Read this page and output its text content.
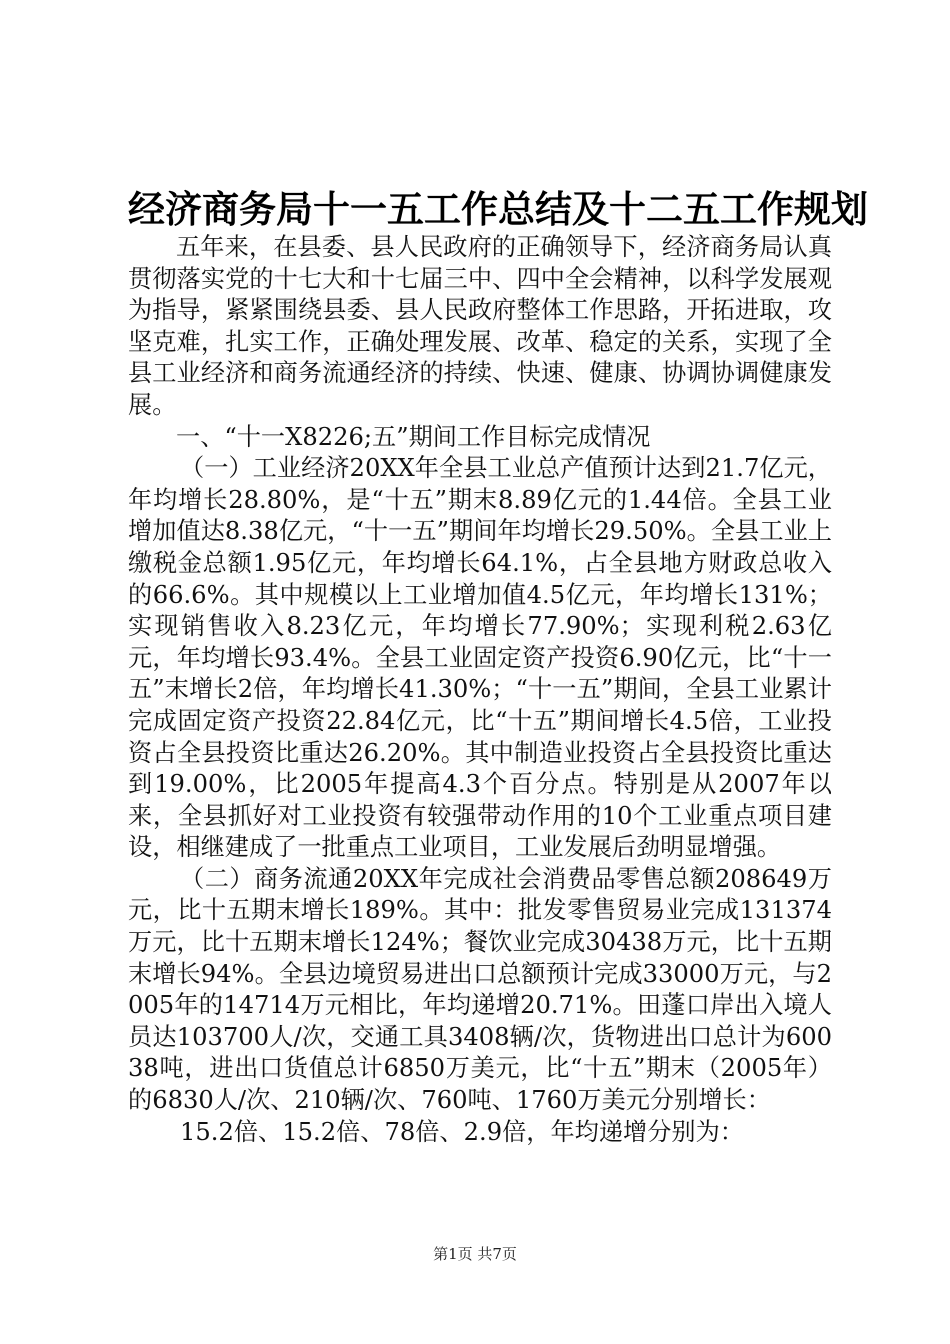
经济商务局十一五工作总结及十二五工作规划

五年来，在县委、县人民政府的正确领导下，经济商务局认真贯彻落实党的十七大和十七届三中、四中全会精神，以科学发展观为指导，紧紧围绕县委、县人民政府整体工作思路，开拓进取，攻坚克难，扎实工作，正确处理发展、改革、稳定的关系，实现了全县工业经济和商务流通经济的持续、快速、健康、协调协调健康发展。

一、“十一X8226;五”期间工作目标完成情况

（一）工业经济20XX年全县工业总产值预计达到21.7亿元，年均增长28.80%，是“十五”期末8.89亿元的1.44倍。全县工业增加值达8.38亿元，“十一五”期间年均增长29.50%。全县工业上缴税金总额1.95亿元，年均增长64.1%，占全县地方财政总收入的66.6%。其中规模以上工业增加值4.5亿元，年均增长131%；实现销售收入8.23亿元，年均增长77.90%；实现利税2.63亿元，年均增长93.4%。全县工业固定资产投资6.90亿元，比“十一五”末增长2倍，年均增长41.30%；“十一五”期间，全县工业累计完成固定资产投资22.84亿元，比“十五”期间增长4.5倍，工业投资占全县投资比重达26.20%。其中制造业投资占全县投资比重达到19.00%，比2005年提高4.3个百分点。特别是从2007年以来，全县抓好对工业投资有较强带动作用的10个工业重点项目建设，相继建成了一批重点工业项目，工业发展后劲明显增强。

（二）商务流通20XX年完成社会消费品零售总额208649万元，比十五期末增长189%。其中：批发零售贸易业完成131374万元，比十五期末增长124%；餐饮业完成30438万元，比十五期末增长94%。全县边境贸易进出口总额预计完成33000万元，与2005年的14714万元相比，年均递增20.71%。田蓬口岸出入境人员达103700人/次，交通工具3408辆/次，货物进出口总计为60038吨，进出口货值总计6850万美元，比“十五”期末（2005年）的6830人/次、210辆/次、760吨、1760万美元分别增长：

15.2倍、15.2倍、78倍、2.9倍，年均递增分别为：

第1页 共7页
